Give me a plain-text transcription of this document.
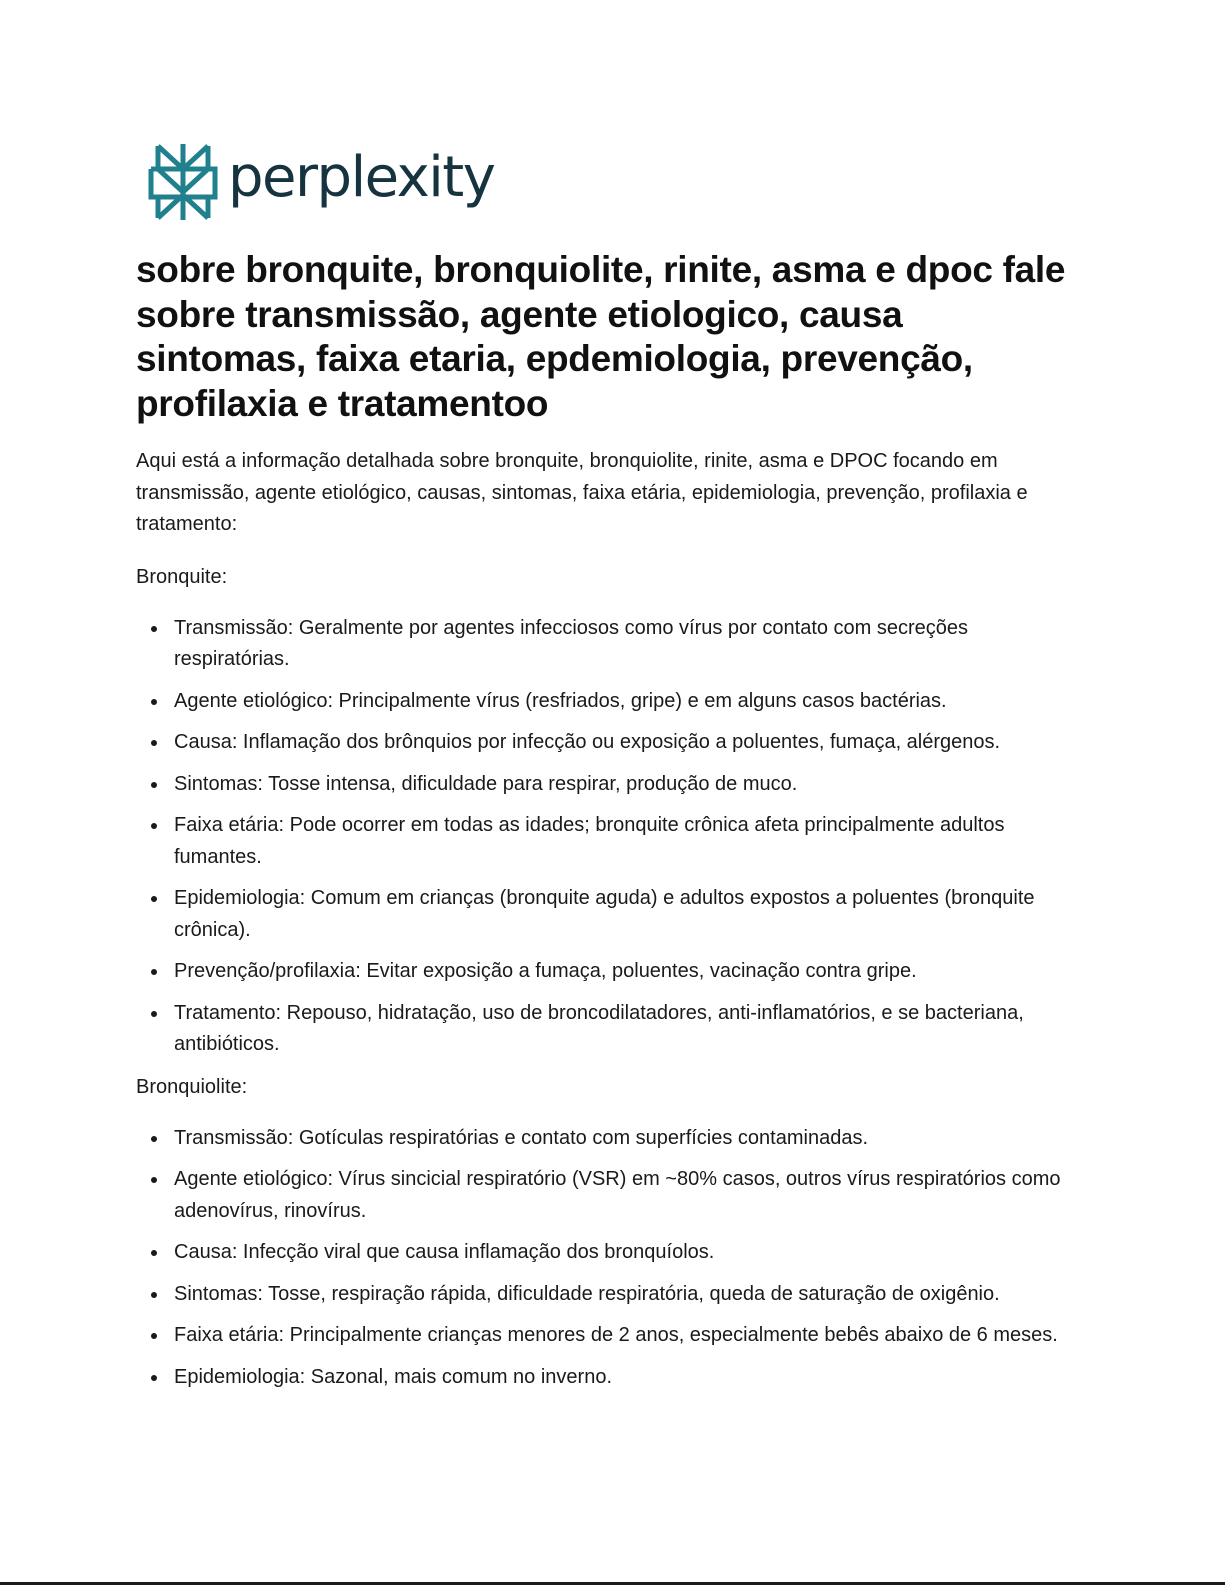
perplexity
sobre bronquite, bronquiolite, rinite, asma e dpoc fale sobre transmissão, agente etiologico, causa sintomas, faixa etaria, epdemiologia, prevenção, profilaxia e tratamentoo

Aqui está a informação detalhada sobre bronquite, bronquiolite, rinite, asma e DPOC focando em transmissão, agente etiológico, causas, sintomas, faixa etária, epidemiologia, prevenção, profilaxia e tratamento:

Bronquite:

Transmissão: Geralmente por agentes infecciosos como vírus por contato com secreções respiratórias.
Agente etiológico: Principalmente vírus (resfriados, gripe) e em alguns casos bactérias.
Causa: Inflamação dos brônquios por infecção ou exposição a poluentes, fumaça, alérgenos.
Sintomas: Tosse intensa, dificuldade para respirar, produção de muco.
Faixa etária: Pode ocorrer em todas as idades; bronquite crônica afeta principalmente adultos fumantes.
Epidemiologia: Comum em crianças (bronquite aguda) e adultos expostos a poluentes (bronquite crônica).
Prevenção/profilaxia: Evitar exposição a fumaça, poluentes, vacinação contra gripe.
Tratamento: Repouso, hidratação, uso de broncodilatadores, anti-inflamatórios, e se bacteriana, antibióticos.

Bronquiolite:

Transmissão: Gotículas respiratórias e contato com superfícies contaminadas.
Agente etiológico: Vírus sincicial respiratório (VSR) em ~80% casos, outros vírus respiratórios como adenovírus, rinovírus.
Causa: Infecção viral que causa inflamação dos bronquíolos.
Sintomas: Tosse, respiração rápida, dificuldade respiratória, queda de saturação de oxigênio.
Faixa etária: Principalmente crianças menores de 2 anos, especialmente bebês abaixo de 6 meses.
Epidemiologia: Sazonal, mais comum no inverno.
